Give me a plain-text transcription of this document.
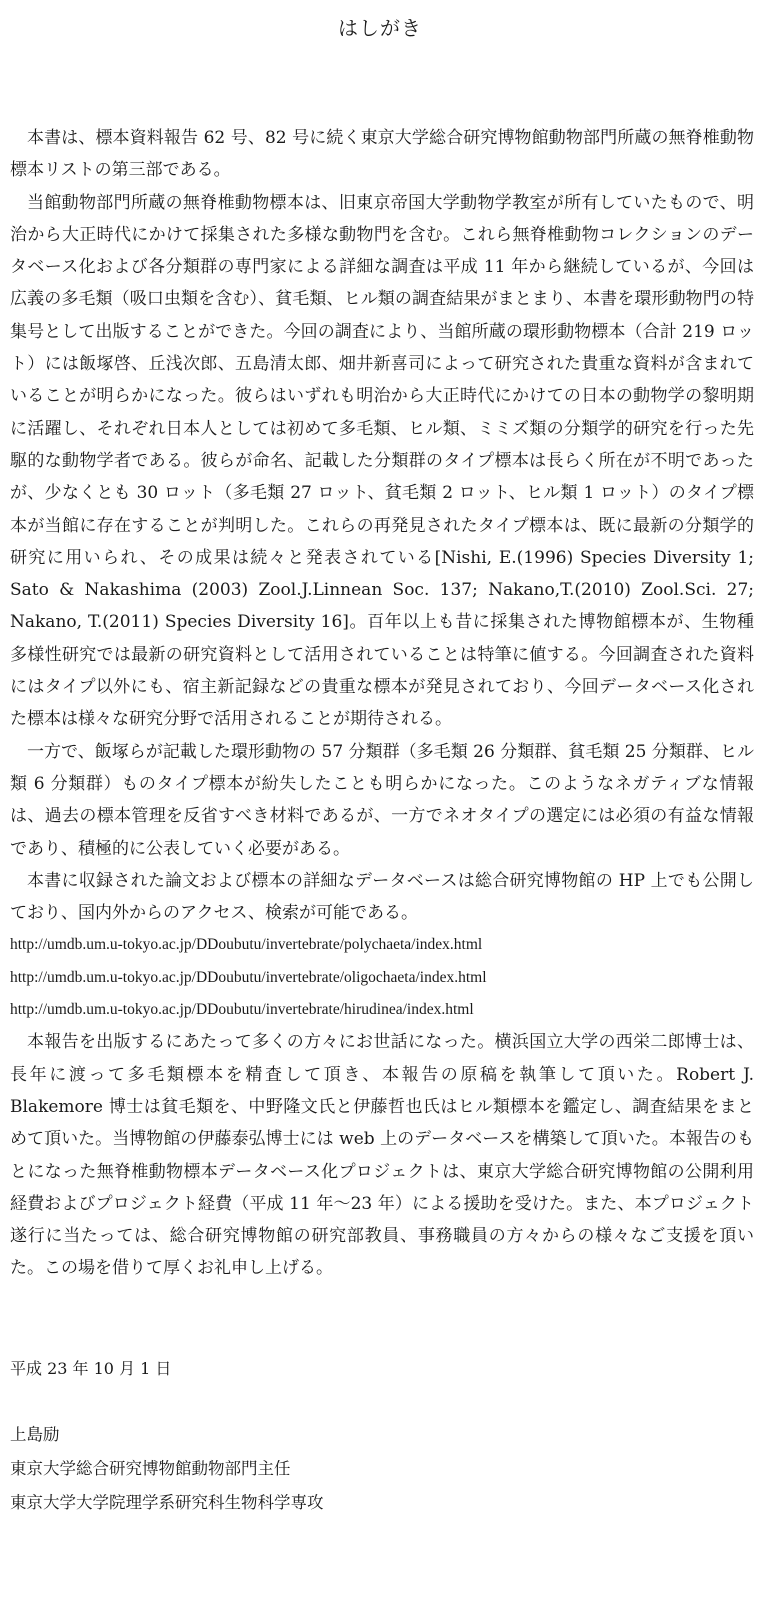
はしがき

本書は、標本資料報告 62 号、82 号に続く東京大学総合研究博物館動物部門所蔵の無脊椎動物標本リストの第三部である。

当館動物部門所蔵の無脊椎動物標本は、旧東京帝国大学動物学教室が所有していたもので、明治から大正時代にかけて採集された多様な動物門を含む。これら無脊椎動物コレクションのデータベース化および各分類群の専門家による詳細な調査は平成 11 年から継続しているが、今回は広義の多毛類（吸口虫類を含む）、貧毛類、ヒル類の調査結果がまとまり、本書を環形動物門の特集号として出版することができた。今回の調査により、当館所蔵の環形動物標本（合計 219 ロット）には飯塚啓、丘浅次郎、五島清太郎、畑井新喜司によって研究された貴重な資料が含まれていることが明らかになった。彼らはいずれも明治から大正時代にかけての日本の動物学の黎明期に活躍し、それぞれ日本人としては初めて多毛類、ヒル類、ミミズ類の分類学的研究を行った先駆的な動物学者である。彼らが命名、記載した分類群のタイプ標本は長らく所在が不明であったが、少なくとも 30 ロット（多毛類 27 ロット、貧毛類 2 ロット、ヒル類 1 ロット）のタイプ標本が当館に存在することが判明した。これらの再発見されたタイプ標本は、既に最新の分類学的研究に用いられ、その成果は続々と発表されている[Nishi, E.(1996) Species Diversity 1; Sato & Nakashima (2003) Zool.J.Linnean Soc. 137; Nakano,T.(2010) Zool.Sci. 27; Nakano, T.(2011) Species Diversity 16]。百年以上も昔に採集された博物館標本が、生物種多様性研究では最新の研究資料として活用されていることは特筆に値する。今回調査された資料にはタイプ以外にも、宿主新記録などの貴重な標本が発見されており、今回データベース化された標本は様々な研究分野で活用されることが期待される。

一方で、飯塚らが記載した環形動物の 57 分類群（多毛類 26 分類群、貧毛類 25 分類群、ヒル類 6 分類群）ものタイプ標本が紛失したことも明らかになった。このようなネガティブな情報は、過去の標本管理を反省すべき材料であるが、一方でネオタイプの選定には必須の有益な情報であり、積極的に公表していく必要がある。

本書に収録された論文および標本の詳細なデータベースは総合研究博物館の HP 上でも公開しており、国内外からのアクセス、検索が可能である。

http://umdb.um.u-tokyo.ac.jp/DDoubutu/invertebrate/polychaeta/index.html
http://umdb.um.u-tokyo.ac.jp/DDoubutu/invertebrate/oligochaeta/index.html
http://umdb.um.u-tokyo.ac.jp/DDoubutu/invertebrate/hirudinea/index.html

本報告を出版するにあたって多くの方々にお世話になった。横浜国立大学の西栄二郎博士は、長年に渡って多毛類標本を精査して頂き、本報告の原稿を執筆して頂いた。Robert J. Blakemore 博士は貧毛類を、中野隆文氏と伊藤哲也氏はヒル類標本を鑑定し、調査結果をまとめて頂いた。当博物館の伊藤泰弘博士には web 上のデータベースを構築して頂いた。本報告のもとになった無脊椎動物標本データベース化プロジェクトは、東京大学総合研究博物館の公開利用経費およびプロジェクト経費（平成 11 年〜23 年）による援助を受けた。また、本プロジェクト遂行に当たっては、総合研究博物館の研究部教員、事務職員の方々からの様々なご支援を頂いた。この場を借りて厚くお礼申し上げる。

平成 23 年 10 月 1 日
上島励
東京大学総合研究博物館動物部門主任
東京大学大学院理学系研究科生物科学専攻
